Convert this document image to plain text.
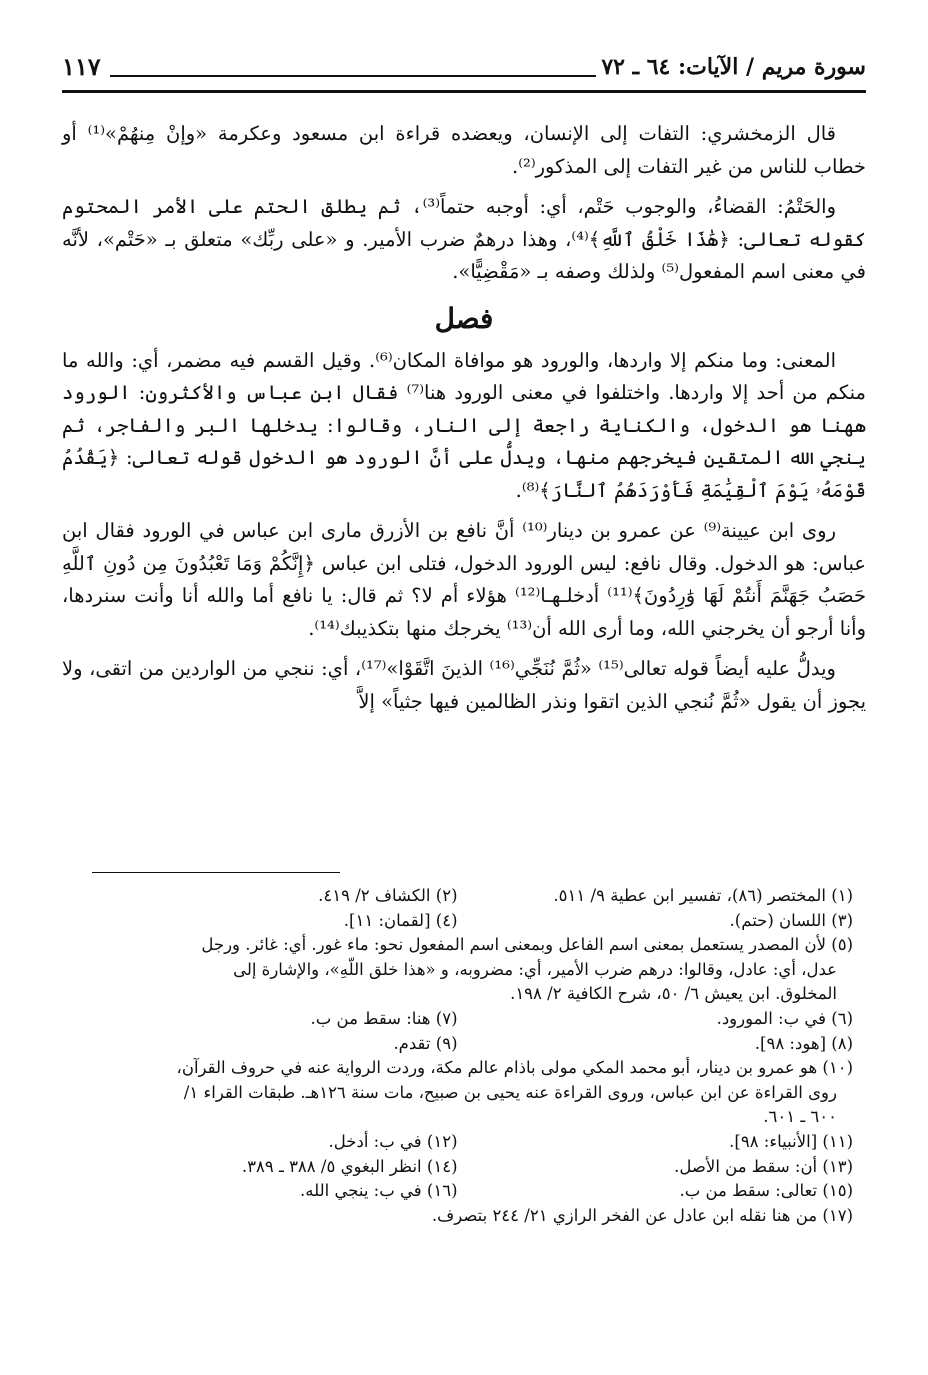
سورة مريم / الآيات: ٦٤ ـ ٧٢
١١٧

قال الزمخشري: التفات إلى الإنسان، ويعضده قراءة ابن مسعود وعكرمة «وإنْ مِنهُمْ»⁽¹⁾ أو خطاب للناس من غير التفات إلى المذكور⁽²⁾.

والحَتْمُ: القضاءُ، والوجوب حَتْم، أي: أوجبه حتماً⁽³⁾، ثم يطلق الحتم على الأمر المحتوم كقوله تعالى: ﴿هَٰذَا خَلْقُ ٱللَّهِ﴾⁽⁴⁾، وهذا درهمٌ ضرب الأمير. و «على ربِّك» متعلق بـ «حَتْم»، لأنَّه في معنى اسم المفعول⁽⁵⁾ ولذلك وصفه بـ «مَقْضِيًّا».

فصل

المعنى: وما منكم إلا واردها، والورود هو موافاة المكان⁽⁶⁾. وقيل القسم فيه مضمر، أي: والله ما منكم من أحد إلا واردها. واختلفوا في معنى الورود هنا⁽⁷⁾ فقال ابن عباس والأكثرون: الورود ههنا هو الدخول، والكناية راجعة إلى النار، وقالوا: يدخلها البر والفاجر، ثم ينجي الله المتقين فيخرجهم منها، ويدلُّ على أنَّ الورود هو الدخول قوله تعالى: ﴿يَقْدُمُ قَوْمَهُۥ يَوْمَ ٱلْقِيَٰمَةِ فَأَوْرَدَهُمُ ٱلنَّارَ﴾⁽⁸⁾.

روى ابن عيينة⁽⁹⁾ عن عمرو بن دينار⁽¹⁰⁾ أنَّ نافع بن الأزرق مارى ابن عباس في الورود فقال ابن عباس: هو الدخول. وقال نافع: ليس الورود الدخول، فتلى ابن عباس ﴿إِنَّكُمْ وَمَا تَعْبُدُونَ مِن دُونِ ٱللَّهِ حَصَبُ جَهَنَّمَ أَنتُمْ لَهَا وَٰرِدُونَ﴾⁽¹¹⁾ أدخلـهـا⁽¹²⁾ هؤلاء أم لا؟ ثم قال: يا نافع أما والله أنا وأنت سنردها، وأنا أرجو أن يخرجني الله، وما أرى الله أن⁽¹³⁾ يخرجك منها بتكذيبك⁽¹⁴⁾.

ويدلُّ عليه أيضاً قوله تعالى⁽¹⁵⁾ «ثُمَّ نُنَجِّي⁽¹⁶⁾ الذينَ اتَّقَوْا»⁽¹⁷⁾، أي: ننجي من الواردين من اتقى، ولا يجوز أن يقول «ثُمَّ نُنجي الذين اتقوا ونذر الظالمين فيها جثياً» إلاَّ

(١) المختصر (٨٦)، تفسير ابن عطية ٩/ ٥١١.
(٢) الكشاف ٢/ ٤١٩.
(٣) اللسان (حتم).
(٤) [لقمان: ١١].
(٥) لأن المصدر يستعمل بمعنى اسم الفاعل وبمعنى اسم المفعول نحو: ماء غور. أي: غائر. ورجل
عدل، أي: عادل، وقالوا: درهم ضرب الأمير، أي: مضروبه، و «هذا خلق اللّهِ»، والإشارة إلى
المخلوق. ابن يعيش ٦/ ٥٠، شرح الكافية ٢/ ١٩٨.
(٦) في ب: المورود.
(٧) هنا: سقط من ب.
(٨) [هود: ٩٨].
(٩) تقدم.
(١٠) هو عمرو بن دينار، أبو محمد المكي مولى باذام عالم مكة، وردت الرواية عنه في حروف القرآن،
روى القراءة عن ابن عباس، وروى القراءة عنه يحيى بن صبيح، مات سنة ١٢٦هـ. طبقات القراء ١/
٦٠٠ ـ ٦٠١.
(١١) [الأنبياء: ٩٨].
(١٢) في ب: أدخل.
(١٣) أن: سقط من الأصل.
(١٤) انظر البغوي ٥/ ٣٨٨ ـ ٣٨٩.
(١٥) تعالى: سقط من ب.
(١٦) في ب: ينجي الله.
(١٧) من هنا نقله ابن عادل عن الفخر الرازي ٢١/ ٢٤٤ بتصرف.
